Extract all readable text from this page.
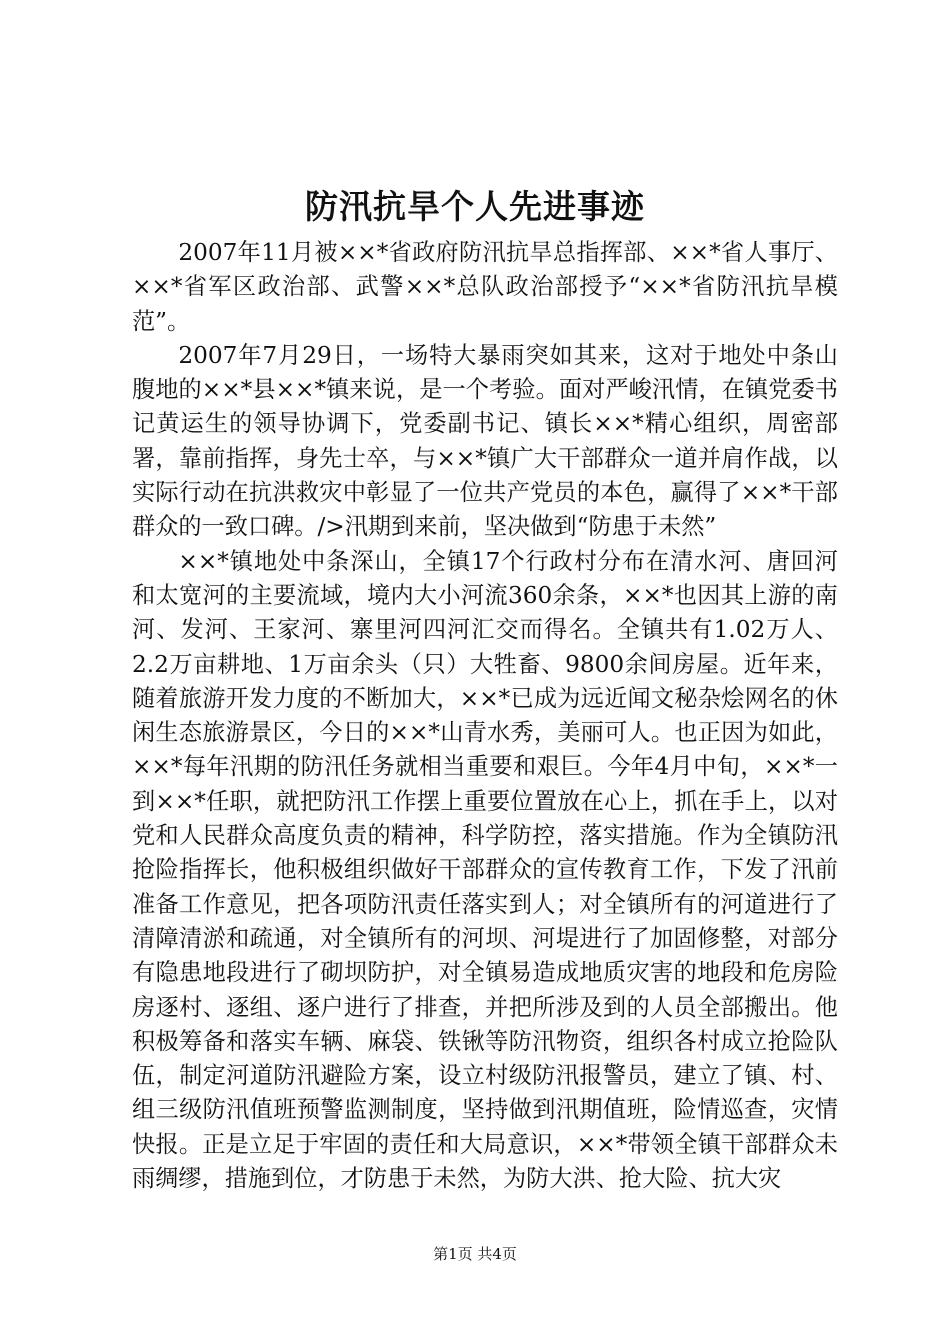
防汛抗旱个人先进事迹

2007年11月被××*省政府防汛抗旱总指挥部、××*省人事厅、××*省军区政治部、武警××*总队政治部授予“××*省防汛抗旱模范”。

2007年7月29日，一场特大暴雨突如其来，这对于地处中条山腹地的××*县××*镇来说，是一个考验。面对严峻汛情，在镇党委书记黄运生的领导协调下，党委副书记、镇长××*精心组织，周密部署，靠前指挥，身先士卒，与××*镇广大干部群众一道并肩作战，以实际行动在抗洪救灾中彰显了一位共产党员的本色，赢得了××*干部群众的一致口碑。/>汛期到来前，坚决做到“防患于未然”

××*镇地处中条深山，全镇17个行政村分布在清水河、唐回河和太宽河的主要流域，境内大小河流360余条，××*也因其上游的南河、发河、王家河、寨里河四河汇交而得名。全镇共有1.02万人、2.2万亩耕地、1万亩余头（只）大牲畜、9800余间房屋。近年来，随着旅游开发力度的不断加大，××*已成为远近闻文秘杂烩网名的休闲生态旅游景区，今日的××*山青水秀，美丽可人。也正因为如此，××*每年汛期的防汛任务就相当重要和艰巨。今年4月中旬，××*一到××*任职，就把防汛工作摆上重要位置放在心上，抓在手上，以对党和人民群众高度负责的精神，科学防控，落实措施。作为全镇防汛抢险指挥长，他积极组织做好干部群众的宣传教育工作，下发了汛前准备工作意见，把各项防汛责任落实到人；对全镇所有的河道进行了清障清淤和疏通，对全镇所有的河坝、河堤进行了加固修整，对部分有隐患地段进行了砌坝防护，对全镇易造成地质灾害的地段和危房险房逐村、逐组、逐户进行了排查，并把所涉及到的人员全部搬出。他积极筹备和落实车辆、麻袋、铁锹等防汛物资，组织各村成立抢险队伍，制定河道防汛避险方案，设立村级防汛报警员，建立了镇、村、组三级防汛值班预警监测制度，坚持做到汛期值班，险情巡查，灾情快报。正是立足于牢固的责任和大局意识，××*带领全镇干部群众未雨绸缪，措施到位，才防患于未然，为防大洪、抢大险、抗大灾

第1页 共4页
